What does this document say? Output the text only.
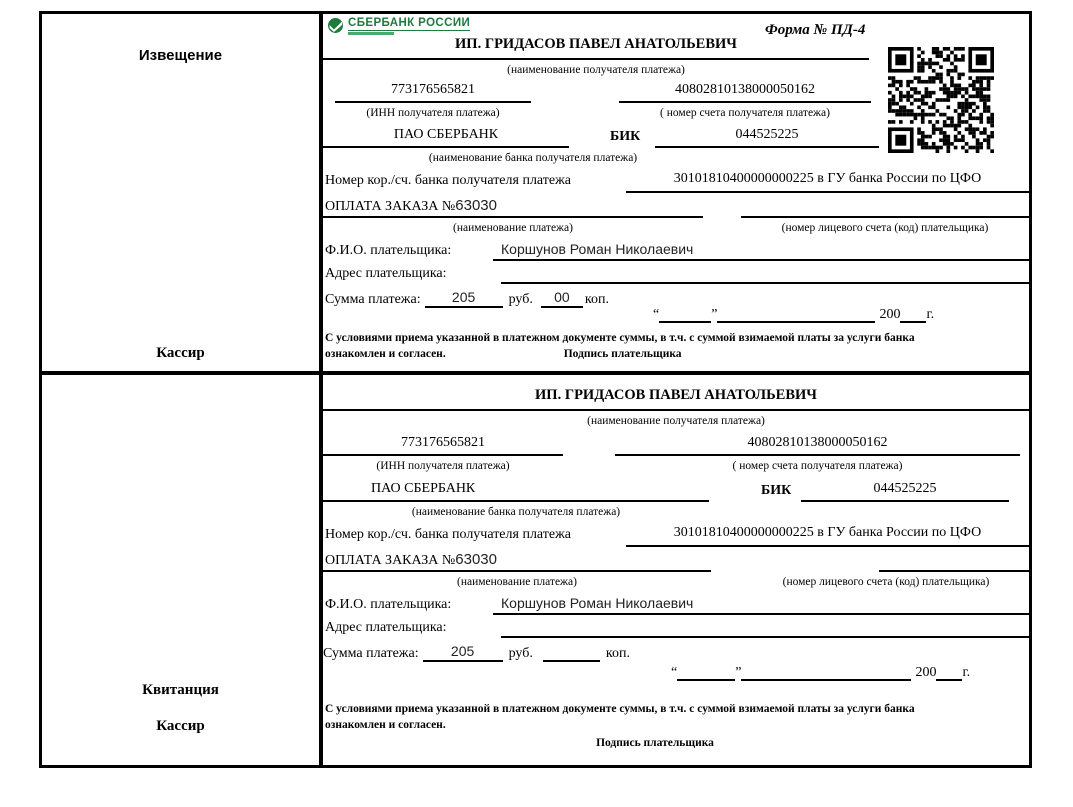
Извещение
Кассир
СБЕРБАНК РОССИИ	Форма № ПД-4
ИП. ГРИДАСОВ ПАВЕЛ АНАТОЛЬЕВИЧ
(наименование получателя платежа)
773176565821	40802810138000050162
(ИНН получателя платежа)	( номер счета получателя платежа)
ПАО СБЕРБАНК	БИК	044525225
(наименование банка получателя платежа)
Номер кор./сч. банка получателя платежа	30101810400000000225 в ГУ банка России по ЦФО
ОПЛАТА ЗАКАЗА №63030
(наименование платежа)	(номер лицевого счета (код) плательщика)
Ф.И.О. плательщика:	Коршунов Роман Николаевич
Адрес плательщика:
Сумма платежа:	205	руб.	00	коп.
“	”	200 г.
С условиями приема указанной в платежном документе суммы, в т.ч. с суммой взимаемой платы за услуги банка
ознакомлен и согласен.	Подпись плательщика
Квитанция
Кассир
ИП. ГРИДАСОВ ПАВЕЛ АНАТОЛЬЕВИЧ
(наименование получателя платежа)
773176565821	40802810138000050162
(ИНН получателя платежа)	( номер счета получателя платежа)
ПАО СБЕРБАНК	БИК	044525225
(наименование банка получателя платежа)
Номер кор./сч. банка получателя платежа	30101810400000000225 в ГУ банка России по ЦФО
ОПЛАТА ЗАКАЗА №63030
(наименование платежа)	(номер лицевого счета (код) плательщика)
Ф.И.О. плательщика:	Коршунов Роман Николаевич
Адрес плательщика:
Сумма платежа:	205	руб.	коп.
“	”	200 г.
С условиями приема указанной в платежном документе суммы, в т.ч. с суммой взимаемой платы за услуги банка
ознакомлен и согласен.
Подпись плательщика
